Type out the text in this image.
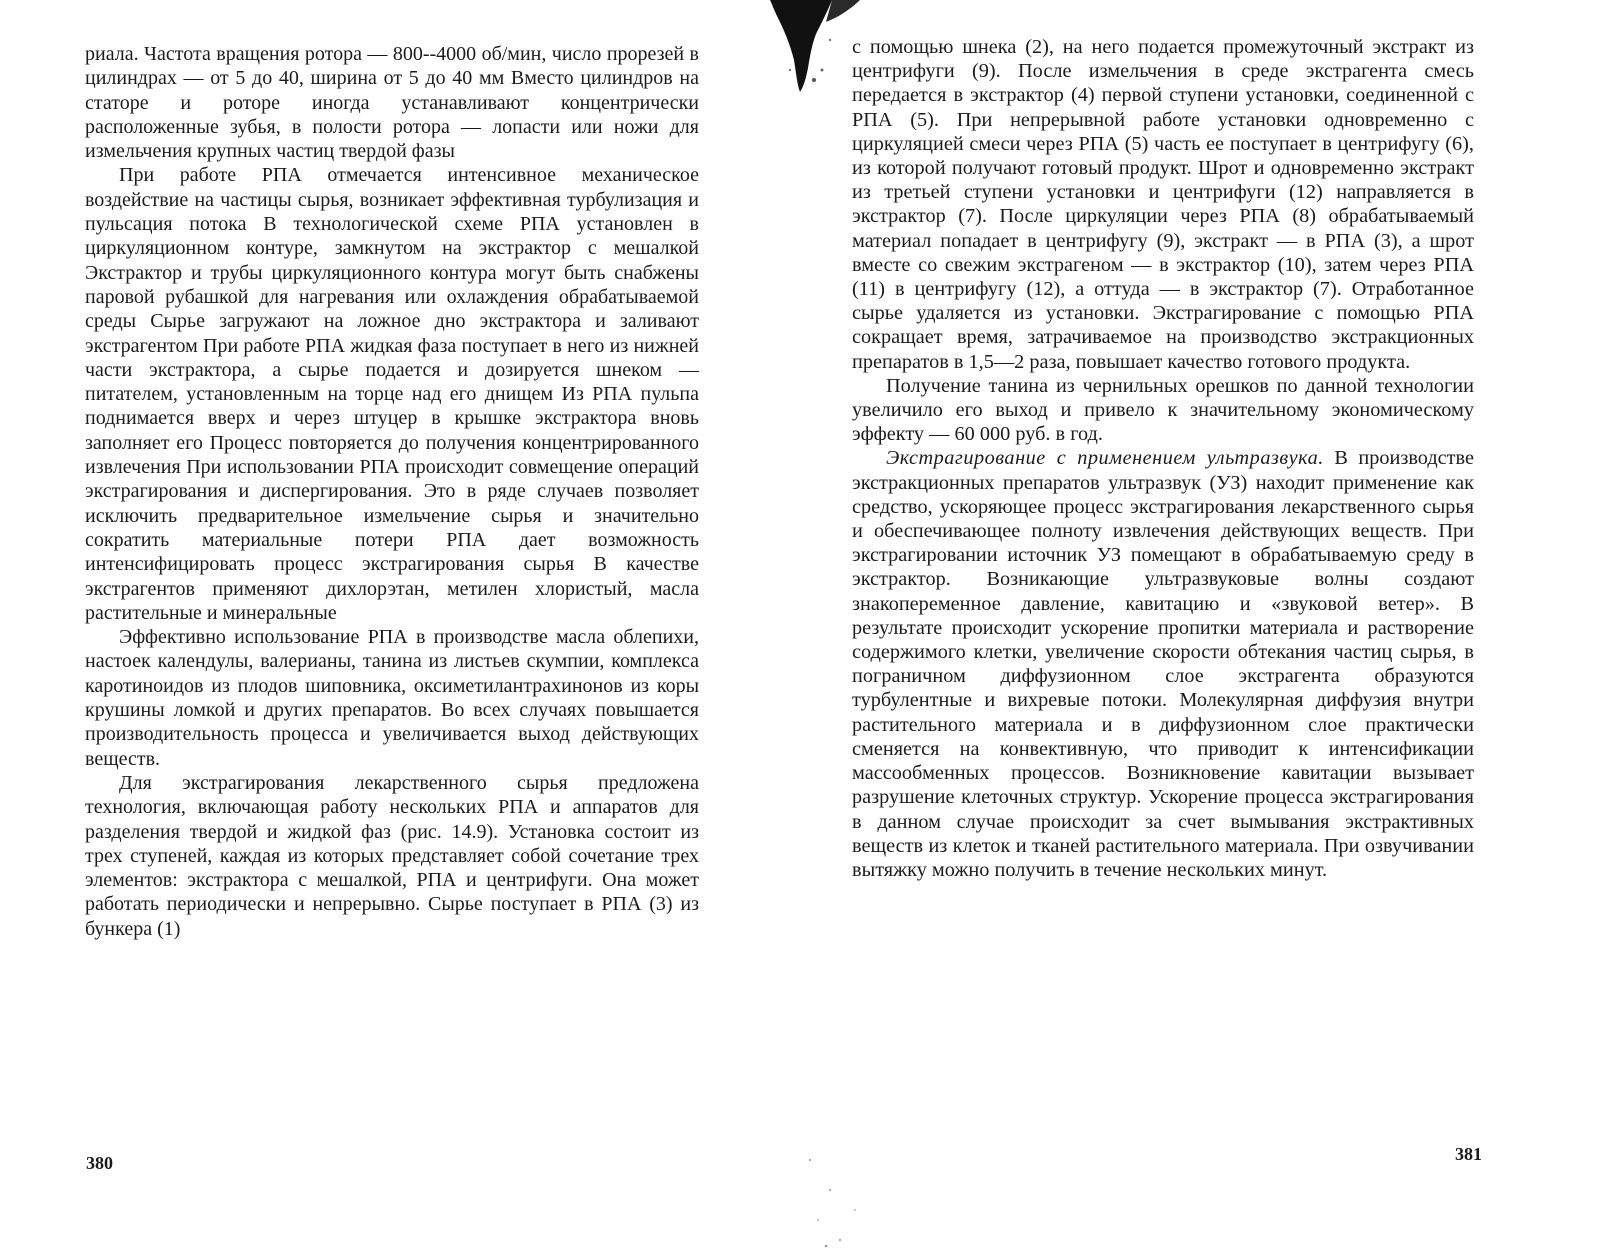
риала. Частота вращения ротора — 800--4000 об/мин, число прорезей в цилиндрах — от 5 до 40, ширина от 5 до 40 мм Вместо цилиндров на статоре и роторе иногда устанавливают концентрически расположенные зубья, в полости ротора — лопасти или ножи для измельчения крупных частиц твердой фазы

При работе РПА отмечается интенсивное механическое воздействие на частицы сырья, возникает эффективная турбулизация и пульсация потока В технологической схеме РПА установлен в циркуляционном контуре, замкнутом на экстрактор с мешалкой Экстрактор и трубы циркуляционного контура могут быть снабжены паровой рубашкой для нагревания или охлаждения обрабатываемой среды Сырье загружают на ложное дно экстрактора и заливают экстрагентом При работе РПА жидкая фаза поступает в него из нижней части экстрактора, а сырье подается и дозируется шнеком — питателем, установленным на торце над его днищем Из РПА пульпа поднимается вверх и через штуцер в крышке экстрактора вновь заполняет его Процесс повторяется до получения концентрированного извлечения При использовании РПА происходит совмещение операций экстрагирования и диспергирования. Это в ряде случаев позволяет исключить предварительное измельчение сырья и значительно сократить материальные потери РПА дает возможность интенсифицировать процесс экстрагирования сырья В качестве экстрагентов применяют дихлорэтан, метилен хлористый, масла растительные и минеральные

Эффективно использование РПА в производстве масла облепихи, настоек календулы, валерианы, танина из листьев скумпии, комплекса каротиноидов из плодов шиповника, оксиметилантрахинонов из коры крушины ломкой и других препаратов. Во всех случаях повышается производительность процесса и увеличивается выход действующих веществ.

Для экстрагирования лекарственного сырья предложена технология, включающая работу нескольких РПА и аппаратов для разделения твердой и жидкой фаз (рис. 14.9). Установка состоит из трех ступеней, каждая из которых представляет собой сочетание трех элементов: экстрактора с мешалкой, РПА и центрифуги. Она может работать периодически и непрерывно. Сырье поступает в РПА (3) из бункера (1)

380

с помощью шнека (2), на него подается промежуточный экстракт из центрифуги (9). После измельчения в среде экстрагента смесь передается в экстрактор (4) первой ступени установки, соединенной с РПА (5). При непрерывной работе установки одновременно с циркуляцией смеси через РПА (5) часть ее поступает в центрифугу (6), из которой получают готовый продукт. Шрот и одновременно экстракт из третьей ступени установки и центрифуги (12) направляется в экстрактор (7). После циркуляции через РПА (8) обрабатываемый материал попадает в центрифугу (9), экстракт — в РПА (3), а шрот вместе со свежим экстрагеном — в экстрактор (10), затем через РПА (11) в центрифугу (12), а оттуда — в экстрактор (7). Отработанное сырье удаляется из установки. Экстрагирование с помощью РПА сокращает время, затрачиваемое на производство экстракционных препаратов в 1,5—2 раза, повышает качество готового продукта.

Получение танина из чернильных орешков по данной технологии увеличило его выход и привело к значительному экономическому эффекту — 60 000 руб. в год.

Экстрагирование с применением ультразвука. В производстве экстракционных препаратов ультразвук (УЗ) находит применение как средство, ускоряющее процесс экстрагирования лекарственного сырья и обеспечивающее полноту извлечения действующих веществ. При экстрагировании источник УЗ помещают в обрабатываемую среду в экстрактор. Возникающие ультразвуковые волны создают знакопеременное давление, кавитацию и «звуковой ветер». В результате происходит ускорение пропитки материала и растворение содержимого клетки, увеличение скорости обтекания частиц сырья, в пограничном диффузионном слое экстрагента образуются турбулентные и вихревые потоки. Молекулярная диффузия внутри растительного материала и в диффузионном слое практически сменяется на конвективную, что приводит к интенсификации массообменных процессов. Возникновение кавитации вызывает разрушение клеточных структур. Ускорение процесса экстрагирования в данном случае происходит за счет вымывания экстрактивных веществ из клеток и тканей растительного материала. При озвучивании вытяжку можно получить в течение нескольких минут.

381
